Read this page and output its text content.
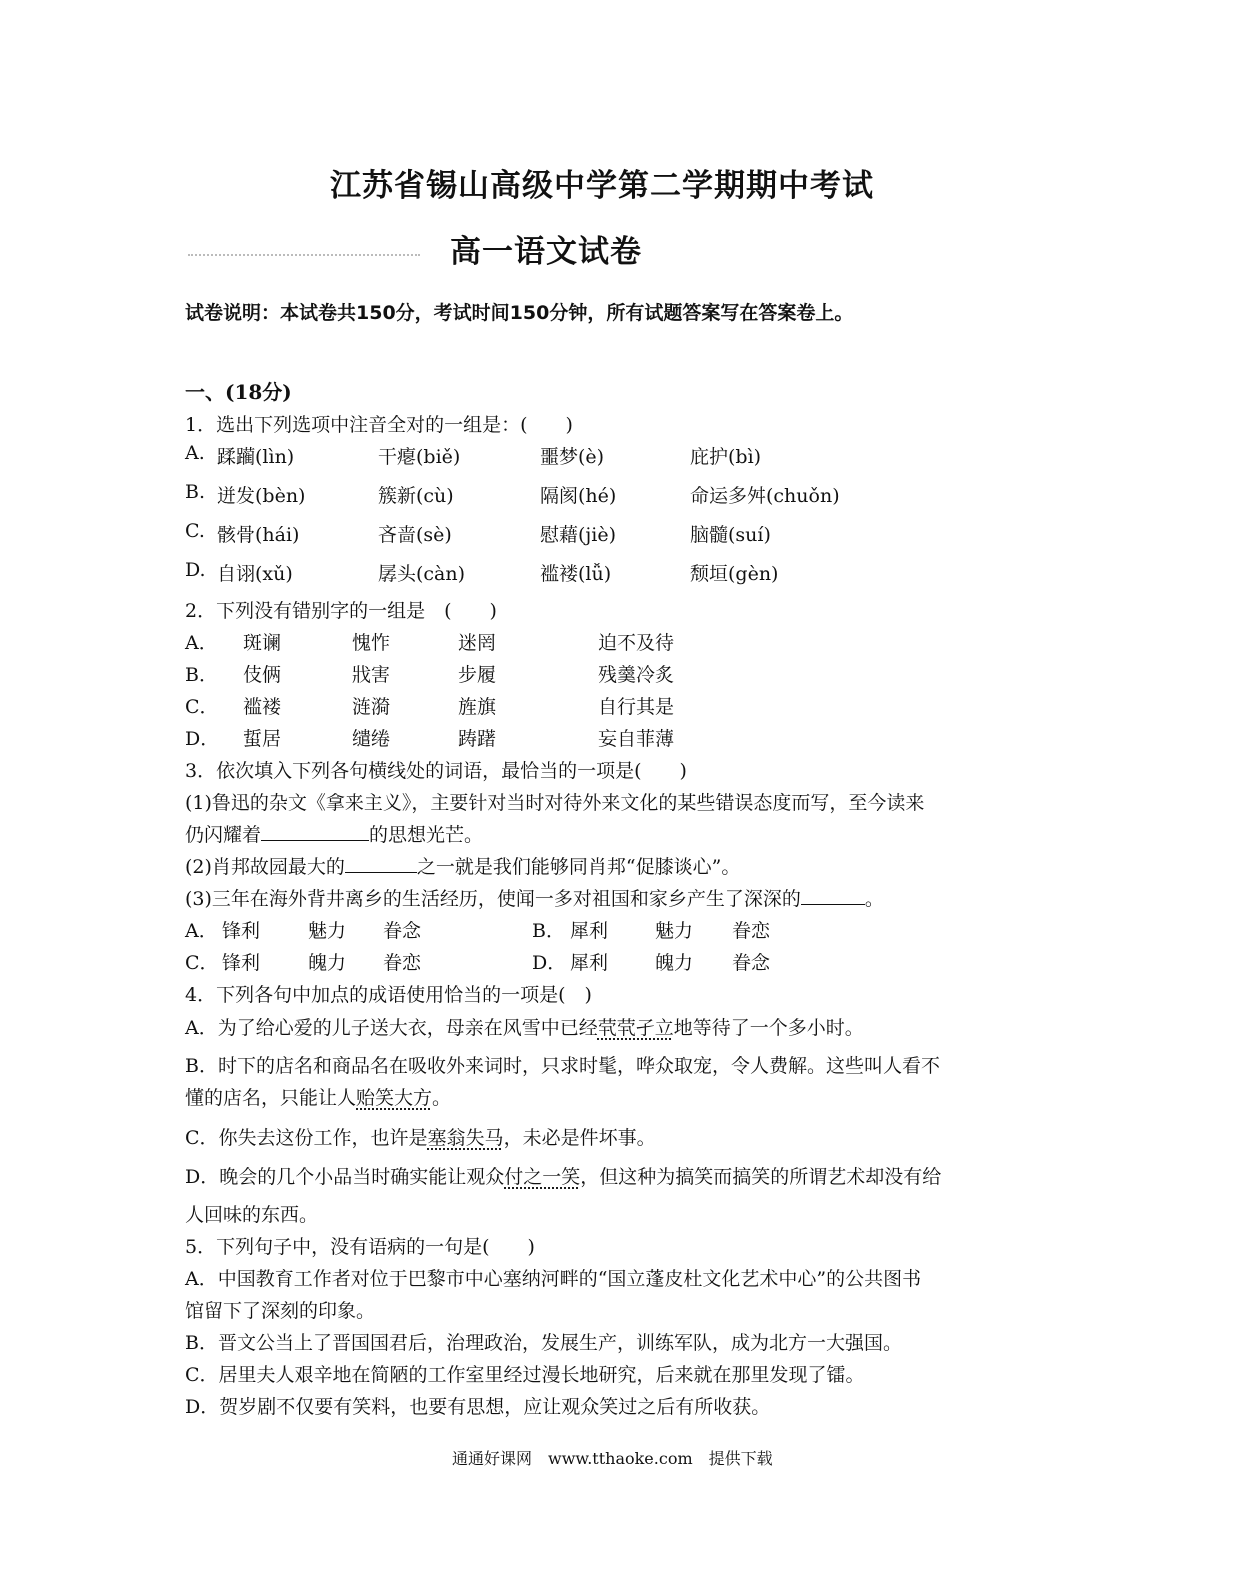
江苏省锡山高级中学第二学期期中考试
高一语文试卷
试卷说明：本试卷共150分，考试时间150分钟，所有试题答案写在答案卷上。
一、(18分)
1．选出下列选项中注音全对的一组是：(　　)
A. 蹂躏(lìn)	干瘪(biě)	噩梦(è)	庇护(bì)
B. 迸发(bèn)	簇新(cù)	隔阂(hé)	命运多舛(chuǒn)
C. 骸骨(hái)	吝啬(sè)	慰藉(jiè)	脑髓(suí)
D. 自诩(xǔ)	孱头(càn)	褴褛(lǚ)	颓垣(gèn)
2．下列没有错别字的一组是　(　　)
A． 斑谰	愧怍	迷罔	迫不及待
B． 伎俩	戕害	步履	残羹冷炙
C． 褴褛	涟漪	旌旗	自行其是
D． 蜇居	缱绻	踌躇	妄自菲薄
3．依次填入下列各句横线处的词语，最恰当的一项是(　　)
(1)鲁迅的杂文《拿来主义》，主要针对当时对待外来文化的某些错误态度而写，至今读来
仍闪耀着	的思想光芒。
(2)肖邦故园最大的	之一就是我们能够同肖邦“促膝谈心”。
(3)三年在海外背井离乡的生活经历，使闻一多对祖国和家乡产生了深深的	。
A． 锋利	魅力 眷念	B． 犀利 魅力 眷恋
C． 锋利	魄力 眷恋	D． 犀利 魄力 眷念
4．下列各句中加点的成语使用恰当的一项是(　)
A．为了给心爱的儿子送大衣，母亲在风雪中已经茕茕孑立地等待了一个多小时。
B．时下的店名和商品名在吸收外来词时，只求时髦，哗众取宠，令人费解。这些叫人看不
懂的店名，只能让人贻笑大方。
C．你失去这份工作，也许是塞翁失马，未必是件坏事。
D．晚会的几个小品当时确实能让观众付之一笑，但这种为搞笑而搞笑的所谓艺术却没有给
人回味的东西。
5．下列句子中，没有语病的一句是(　　)
A．中国教育工作者对位于巴黎市中心塞纳河畔的“国立蓬皮杜文化艺术中心”的公共图书
馆留下了深刻的印象。
B．晋文公当上了晋国国君后，治理政治，发展生产，训练军队，成为北方一大强国。
C．居里夫人艰辛地在简陋的工作室里经过漫长地研究，后来就在那里发现了镭。
D．贺岁剧不仅要有笑料，也要有思想，应让观众笑过之后有所收获。
通通好课网　www.tthaoke.com　提供下载
